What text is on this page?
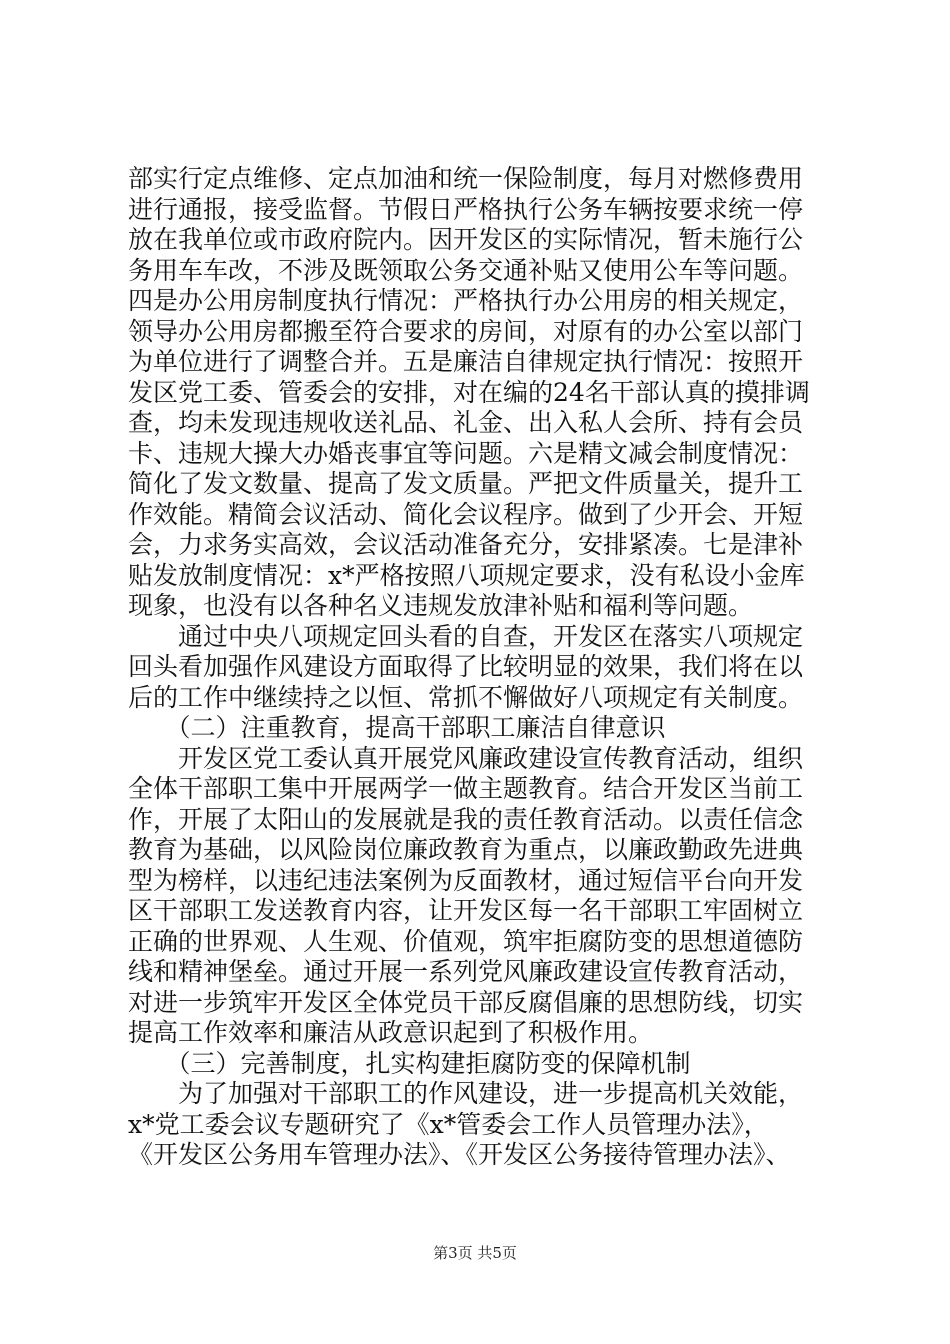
部实行定点维修、定点加油和统一保险制度，每月对燃修费用
进行通报，接受监督。节假日严格执行公务车辆按要求统一停
放在我单位或市政府院内。因开发区的实际情况，暂未施行公
务用车车改，不涉及既领取公务交通补贴又使用公车等问题。
四是办公用房制度执行情况：严格执行办公用房的相关规定，
领导办公用房都搬至符合要求的房间，对原有的办公室以部门
为单位进行了调整合并。五是廉洁自律规定执行情况：按照开
发区党工委、管委会的安排，对在编的24名干部认真的摸排调
查，均未发现违规收送礼品、礼金、出入私人会所、持有会员
卡、违规大操大办婚丧事宜等问题。六是精文减会制度情况：
简化了发文数量、提高了发文质量。严把文件质量关，提升工
作效能。精简会议活动、简化会议程序。做到了少开会、开短
会，力求务实高效，会议活动准备充分，安排紧凑。七是津补
贴发放制度情况：x*严格按照八项规定要求，没有私设小金库
现象，也没有以各种名义违规发放津补贴和福利等问题。
　　通过中央八项规定回头看的自查，开发区在落实八项规定
回头看加强作风建设方面取得了比较明显的效果，我们将在以
后的工作中继续持之以恒、常抓不懈做好八项规定有关制度。
　　（二）注重教育，提高干部职工廉洁自律意识
　　开发区党工委认真开展党风廉政建设宣传教育活动，组织
全体干部职工集中开展两学一做主题教育。结合开发区当前工
作，开展了太阳山的发展就是我的责任教育活动。以责任信念
教育为基础，以风险岗位廉政教育为重点，以廉政勤政先进典
型为榜样，以违纪违法案例为反面教材，通过短信平台向开发
区干部职工发送教育内容，让开发区每一名干部职工牢固树立
正确的世界观、人生观、价值观，筑牢拒腐防变的思想道德防
线和精神堡垒。通过开展一系列党风廉政建设宣传教育活动，
对进一步筑牢开发区全体党员干部反腐倡廉的思想防线，切实
提高工作效率和廉洁从政意识起到了积极作用。
　　（三）完善制度，扎实构建拒腐防变的保障机制
　　为了加强对干部职工的作风建设，进一步提高机关效能，
x*党工委会议专题研究了《x*管委会工作人员管理办法》，
《开发区公务用车管理办法》、《开发区公务接待管理办法》、
第3页 共5页
